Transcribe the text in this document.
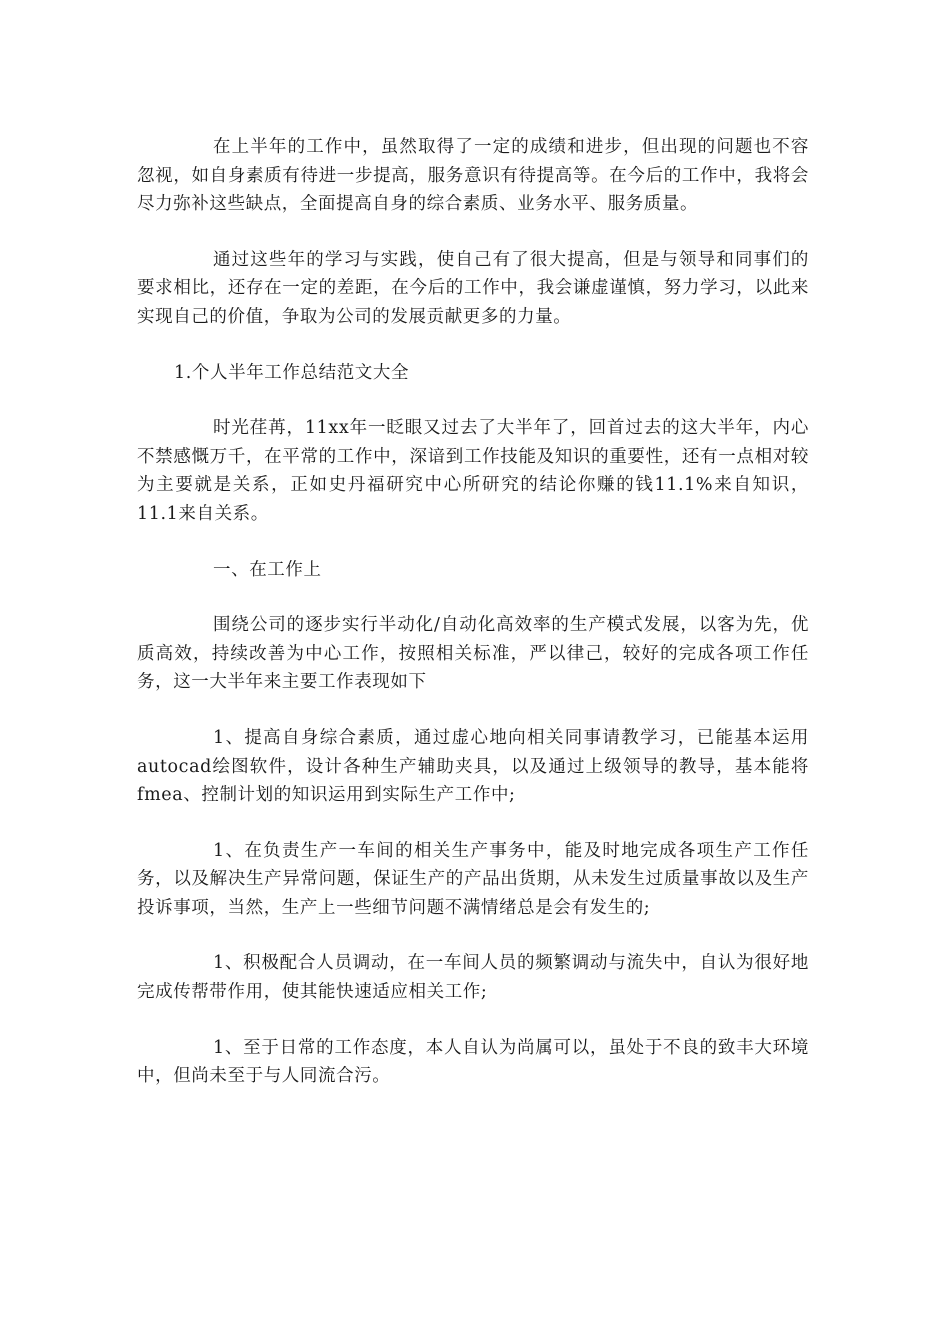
在上半年的工作中，虽然取得了一定的成绩和进步，但出现的问题也不容忽视，如自身素质有待进一步提高，服务意识有待提高等。在今后的工作中，我将会尽力弥补这些缺点，全面提高自身的综合素质、业务水平、服务质量。

通过这些年的学习与实践，使自己有了很大提高，但是与领导和同事们的要求相比，还存在一定的差距，在今后的工作中，我会谦虚谨慎，努力学习，以此来实现自己的价值，争取为公司的发展贡献更多的力量。

1.个人半年工作总结范文大全

时光荏苒，11xx年一眨眼又过去了大半年了，回首过去的这大半年，内心不禁感慨万千，在平常的工作中，深谙到工作技能及知识的重要性，还有一点相对较为主要就是关系，正如史丹福研究中心所研究的结论你赚的钱11.1%来自知识，11.1来自关系。

一、在工作上

围绕公司的逐步实行半动化/自动化高效率的生产模式发展，以客为先，优质高效，持续改善为中心工作，按照相关标准，严以律己，较好的完成各项工作任务，这一大半年来主要工作表现如下

1、提高自身综合素质，通过虚心地向相关同事请教学习，已能基本运用autocad绘图软件，设计各种生产辅助夹具，以及通过上级领导的教导，基本能将fmea、控制计划的知识运用到实际生产工作中;

1、在负责生产一车间的相关生产事务中，能及时地完成各项生产工作任务，以及解决生产异常问题，保证生产的产品出货期，从未发生过质量事故以及生产投诉事项，当然，生产上一些细节问题不满情绪总是会有发生的;

1、积极配合人员调动，在一车间人员的频繁调动与流失中，自认为很好地完成传帮带作用，使其能快速适应相关工作;

1、至于日常的工作态度，本人自认为尚属可以，虽处于不良的致丰大环境中，但尚未至于与人同流合污。
